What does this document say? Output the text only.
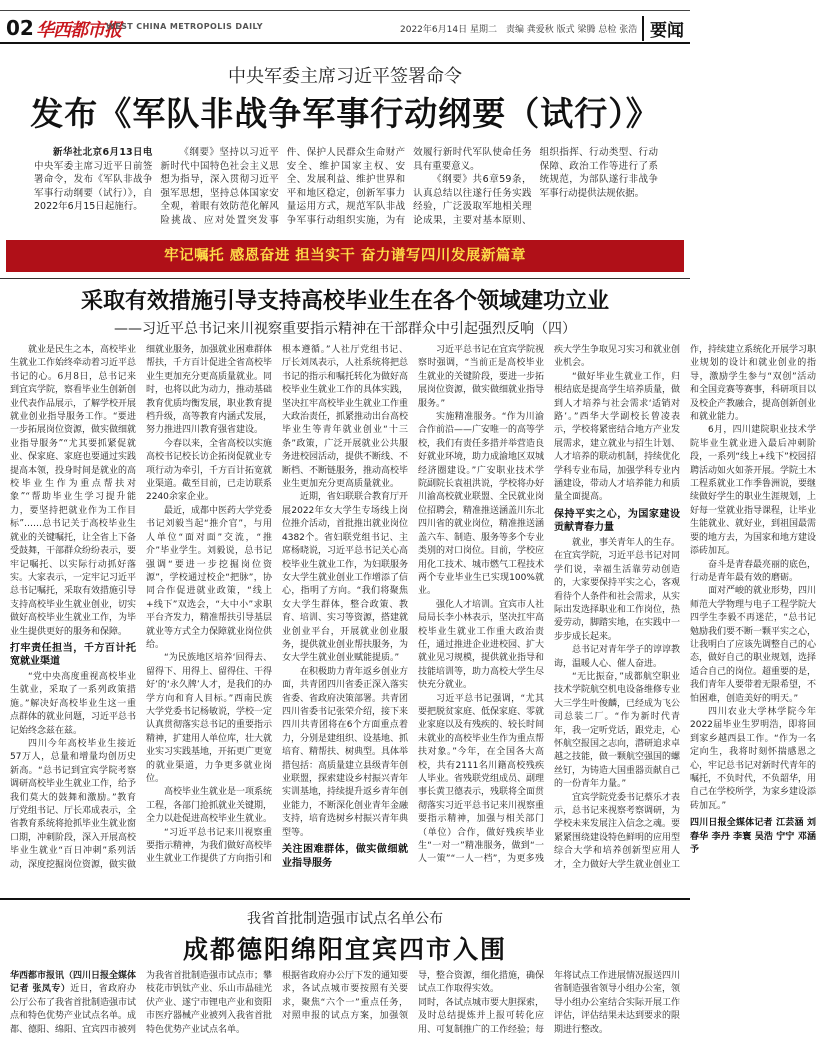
02 华西都市报
WEST CHINA METROPOLIS DAILY	2022年6月14日 星期二　责编 龚爱秋 版式 梁腾 总检 张浩 要闻
中央军委主席习近平签署命令
发布《军队非战争军事行动纲要（试行）》

新华社北京6月13日电 中央军委主席习近平日前签署命令，发布《军队非战争军事行动纲要（试行）》，自2022年6月15日起施行。

《纲要》坚持以习近平新时代中国特色社会主义思想为指导，深入贯彻习近平强军思想，坚持总体国家安全观，着眼有效防范化解风险挑战、应对处置突发事件、保护人民群众生命财产安全、维护国家主权、安全、发展利益、维护世界和平和地区稳定，创新军事力量运用方式，规范军队非战争军事行动组织实施，为有效履行新时代军队使命任务具有重要意义。

《纲要》共6章59条，认真总结以往遂行任务实践经验，广泛汲取军地相关理论成果，主要对基本原则、组织指挥、行动类型、行动保障、政治工作等进行了系统规范，为部队遂行非战争军事行动提供法规依据。

牢记嘱托 感恩奋进 担当实干 奋力谱写四川发展新篇章
采取有效措施引导支持高校毕业生在各个领域建功立业
——习近平总书记来川视察重要指示精神在干部群众中引起强烈反响（四）

就业是民生之本，高校毕业生就业工作始终牵动着习近平总书记的心。6月8日，总书记来到宜宾学院，察看毕业生创新创业代表作品展示，了解学校开展就业创业指导服务工作。“要进一步拓展岗位资源，做实做细就业指导服务”“尤其要抓紧促就业、保家庭、家庭也要通过实践提高本领，投身时间是就业的高校毕业生作为重点帮扶对象”“帮助毕业生学习提升能力，要坚持把就业作为工作目标”……总书记关于高校毕业生就业的关键嘱托，让全省上下备受鼓舞，干部群众纷纷表示，要牢记嘱托、以实际行动抓好落实。大家表示，一定牢记习近平总书记嘱托，采取有效措施引导支持高校毕业生就业创业，切实做好高校毕业生就业工作，为毕业生提供更好的服务和保障。

打牢责任担当，千方百计托宽就业渠道

“党中央高度重视高校毕业生就业，采取了一系列政策措施。”解决好高校毕业生这一重点群体的就业问题，习近平总书记始终念兹在兹。

四川今年高校毕业生接近57万人，总量和增量均创历史新高。“总书记到宜宾学院考察调研高校毕业生就业工作，给予我们莫大的鼓舞和激励。”教育厅党组书记、厅长邓成表示，全省教育系统将抢抓毕业生就业窗口期，冲刺阶段，深入开展高校毕业生就业“百日冲刺”系列活动，深度挖掘岗位资源，做实做细就业服务，加强就业困难群体帮扶，千方百计促进全省高校毕业生更加充分更高质量就业。同时，也将以此为动力，推动基础教育优质均衡发展，职业教育提档升级，高等教育内涵式发展，努力推进四川教育强省建设。

今春以来，全省高校以实施高校书记校长访企拓岗促就业专项行动为牵引，千方百计拓宽就业渠道。截至目前，已走访联系2240余家企业。

最近，成都中医药大学党委书记刘毅当起“推介官”，与用人单位“面对面”交流，“推介”毕业学生。刘毅说，总书记强调“要进一步挖掘岗位资源”，学校通过校企“把脉”，协同合作促进就业政策，“线上+线下”双选会，“大中小”求职平台齐发力，精准帮扶引导基层就业等方式全力保障就业岗位供给。

“为民族地区培养‘回得去、留得下、用得上、留得住、干得好’的‘永久牌’人才，是我们的办学方向和育人目标。”西南民族大学党委书记杨敏说，学校一定认真贯彻落实总书记的重要指示精神，扩建用人单位库，壮大就业实习实践基地，开拓更广更宽的就业渠道，力争更多就业岗位。

高校毕业生就业是一项系统工程，各部门抢抓就业关键期，全力以赴促进高校毕业生就业。

“习近平总书记来川视察重要指示精神，为我们做好高校毕业生就业工作提供了方向指引和根本遵循。”人社厅党组书记、厅长刘凤表示，人社系统将把总书记的指示和嘱托转化为做好高校毕业生就业工作的具体实践，坚决扛牢高校毕业生就业工作重大政治责任，抓紧推动出台高校毕业生等青年就业创业“十三条”政策，广泛开展就业公共服务进校园活动，提供不断线、不断档、不断链服务，推动高校毕业生更加充分更高质量就业。

近期，省妇联联合教育厅开展2022年女大学生专场线上岗位推介活动，首批推出就业岗位4382个。省妇联党组书记、主席杨晓说，习近平总书记关心高校毕业生就业工作，为妇联服务女大学生就业创业工作增添了信心，指明了方向。“我们将聚焦女大学生群体，整合政策、教育、培训、实习等资源，搭建就业创业平台，开展就业创业服务，提供就业创业帮扶服务，为女大学生就业创业赋能提质。”

在积极助力青年返乡创业方面，共青团四川省委正深入落实省委、省政府决策部署。共青团四川省委书记张荣介绍，接下来四川共青团将在6个方面重点着力，分别是建组织、设基地、抓培育、精帮扶、树典型。具体举措包括：高质量建立县级青年创业联盟，探索建设乡村振兴青年实训基地，持续提升返乡青年创业能力，不断深化创业青年金融支持，培育选树乡村振兴青年典型等。

关注困难群体，做实做细就业指导服务

习近平总书记在宜宾学院视察时强调，“当前正是高校毕业生就业的关键阶段，要进一步拓展岗位资源，做实做细就业指导服务。”

实施精准服务。“作为川渝合作前沿——广安唯一的高等学校，我们有责任多措并举营造良好就业环境，助力成渝地区双城经济圈建设。”广安职业技术学院副院长袁祖洪说，学校将办好川渝高校就业联盟、全民就业岗位招聘会，精准推送涵盖川东北四川省的就业岗位，精准推送涵盖六车、制造、服务等多个专业类别的对口岗位。目前，学校应用化工技术、城市燃气工程技术两个专业毕业生已实现100%就业。

强化人才培训。宜宾市人社局局长李小林表示，坚决扛牢高校毕业生就业工作重大政治责任，通过推进企业进校园、扩大就业见习规模，提供就业指导和技能培训等，助力高校大学生尽快充分就业。

习近平总书记强调，“尤其要把脱贫家庭、低保家庭、零就业家庭以及有残疾的、较长时间未就业的高校毕业生作为重点帮扶对象。”今年，在全国各大高校，共有2111名川籍高校残疾人毕业。省残联党组成员、副理事长黄卫德表示，残联将全面贯彻落实习近平总书记来川视察重要指示精神，加强与相关部门（单位）合作，做好残疾毕业生“一对一”精准服务，做到“一人一策”“一人一档”，为更多残疾大学生争取见习实习和就业创业机会。

“做好毕业生就业工作，归根结底是提高学生培养质量，做到人才培养与社会需求‘适销对路’。”西华大学副校长曾凌表示，学校将紧密结合地方产业发展需求，建立就业与招生计划、人才培养的联动机制，持续优化学科专业布局，加强学科专业内涵建设，带动人才培养能力和质量全面提高。

保持平实之心，为国家建设贡献青春力量

就业，事关青年人的生存。在宜宾学院，习近平总书记对同学们说，幸福生活靠劳动创造的，大家要保持平实之心，客观看待个人条件和社会需求，从实际出发选择职业和工作岗位，热爱劳动，脚踏实地，在实践中一步步成长起来。

总书记对青年学子的谆谆教诲，温暖人心、催人奋进。

“无比振奋，”成都航空职业技术学院航空机电设备维修专业大三学生叶俊麟，已经成为飞公司总装二厂。“作为新时代青年，我一定听党话，跟党走，心怀航空报国之志向，潜研追求卓越之技能，做一颗航空强国的螺丝钉，为铸造大国重器贡献自己的一份青年力量。”

宜宾学院党委书记蔡乐才表示，总书记来视察考察调研，为学校未来发展注入信念之魂。要紧紧围绕建设特色鲜明的应用型综合大学和培养创新型应用人才，全力做好大学生就业创业工作，持续建立系统化开展学习职业规划的设计和就业创业的指导，激励学生参与“双创”活动和全国竞赛等赛事，科研项目以及校企产教融合，提高创新创业和就业能力。

6月，四川建院职业技术学院毕业生就业进入最后冲刺阶段，一系列“线上+线下”校园招聘活动如火如荼开展。学院土木工程系就业工作季鲁洲说，要继续做好学生的职业生涯规划，上好每一堂就业指导课程，让毕业生能就业、就好业，到祖国最需要的地方去，为国家和地方建设添砖加瓦。

奋斗是青春最亮丽的底色，行动是青年最有效的磨砺。

面对严峻的就业形势，四川师范大学物理与电子工程学院大四学生李毅不再迷茫，“总书记勉励我们要不断一颗平实之心，让我明白了应该先调整自己的心态，做好自己的职业规划，选择适合自己的岗位。超重要的是，我们青年人要带着无限希望，不怕困难，创造美好的明天。”

四川农业大学林学院今年2022届毕业生罗明浩，即将回到家乡越西县工作。“作为一名定向生，我将时刻怀揣感恩之心，牢记总书记对新时代青年的嘱托，不负时代，不负韶华，用自己在学校所学，为家乡建设添砖加瓦。”

四川日报全媒体记者 江芸涵 刘春华 李丹 李寰 吴浩 宁宁 邓涵予

我省首批制造强市试点名单公布
成都德阳绵阳宜宾四市入围

华西都市报讯（四川日报全媒体记者 张凤专）近日，省政府办公厅公布了我省首批制造强市试点和特色优势产业试点名单。成都、德阳、绵阳、宜宾四市被列为我省首批制造强市试点市；攀枝花市钒钛产业、乐山市晶硅光伏产业、遂宁市锂电产业和资阳市医疗器械产业被列入我省首批特色优势产业试点名单。

根据省政府办公厅下发的通知要求，各试点城市要按照有关要求，聚焦“六个一”重点任务，对照申报的试点方案，加强领导，整合资源，细化措施，确保试点工作取得实效。

同时，各试点城市要大胆探索，及时总结提炼并上报可转化应用、可复制推广的工作经验；每年将试点工作进展情况报送四川省制造强省领导小组办公室，领导小组办公室结合实际开展工作评估，评估结果未达到要求的限期进行整改。
